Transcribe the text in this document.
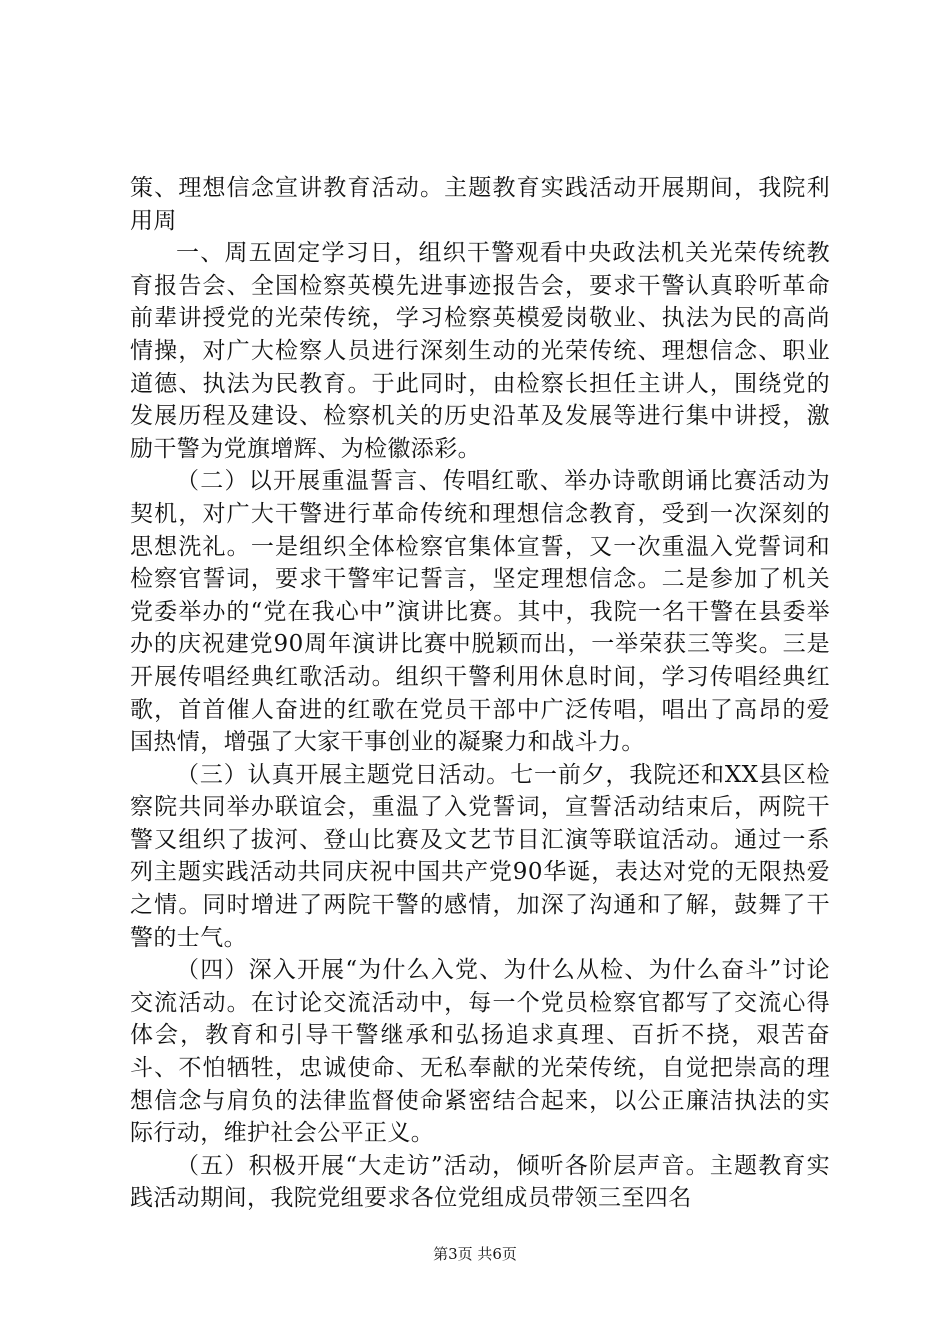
策、理想信念宣讲教育活动。主题教育实践活动开展期间，我院利用周

一、周五固定学习日，组织干警观看中央政法机关光荣传统教育报告会、全国检察英模先进事迹报告会，要求干警认真聆听革命前辈讲授党的光荣传统，学习检察英模爱岗敬业、执法为民的高尚情操，对广大检察人员进行深刻生动的光荣传统、理想信念、职业道德、执法为民教育。于此同时，由检察长担任主讲人，围绕党的发展历程及建设、检察机关的历史沿革及发展等进行集中讲授，激励干警为党旗增辉、为检徽添彩。

（二）以开展重温誓言、传唱红歌、举办诗歌朗诵比赛活动为契机，对广大干警进行革命传统和理想信念教育，受到一次深刻的思想洗礼。一是组织全体检察官集体宣誓，又一次重温入党誓词和检察官誓词，要求干警牢记誓言，坚定理想信念。二是参加了机关党委举办的“党在我心中”演讲比赛。其中，我院一名干警在县委举办的庆祝建党90周年演讲比赛中脱颖而出，一举荣获三等奖。三是开展传唱经典红歌活动。组织干警利用休息时间，学习传唱经典红歌，首首催人奋进的红歌在党员干部中广泛传唱，唱出了高昂的爱国热情，增强了大家干事创业的凝聚力和战斗力。

（三）认真开展主题党日活动。七一前夕，我院还和XX县区检察院共同举办联谊会，重温了入党誓词，宣誓活动结束后，两院干警又组织了拔河、登山比赛及文艺节目汇演等联谊活动。通过一系列主题实践活动共同庆祝中国共产党90华诞，表达对党的无限热爱之情。同时增进了两院干警的感情，加深了沟通和了解，鼓舞了干警的士气。

（四）深入开展“为什么入党、为什么从检、为什么奋斗”讨论交流活动。在讨论交流活动中，每一个党员检察官都写了交流心得体会，教育和引导干警继承和弘扬追求真理、百折不挠，艰苦奋斗、不怕牺牲，忠诚使命、无私奉献的光荣传统，自觉把崇高的理想信念与肩负的法律监督使命紧密结合起来，以公正廉洁执法的实际行动，维护社会公平正义。

（五）积极开展“大走访”活动，倾听各阶层声音。主题教育实践活动期间，我院党组要求各位党组成员带领三至四名

第3页 共6页
